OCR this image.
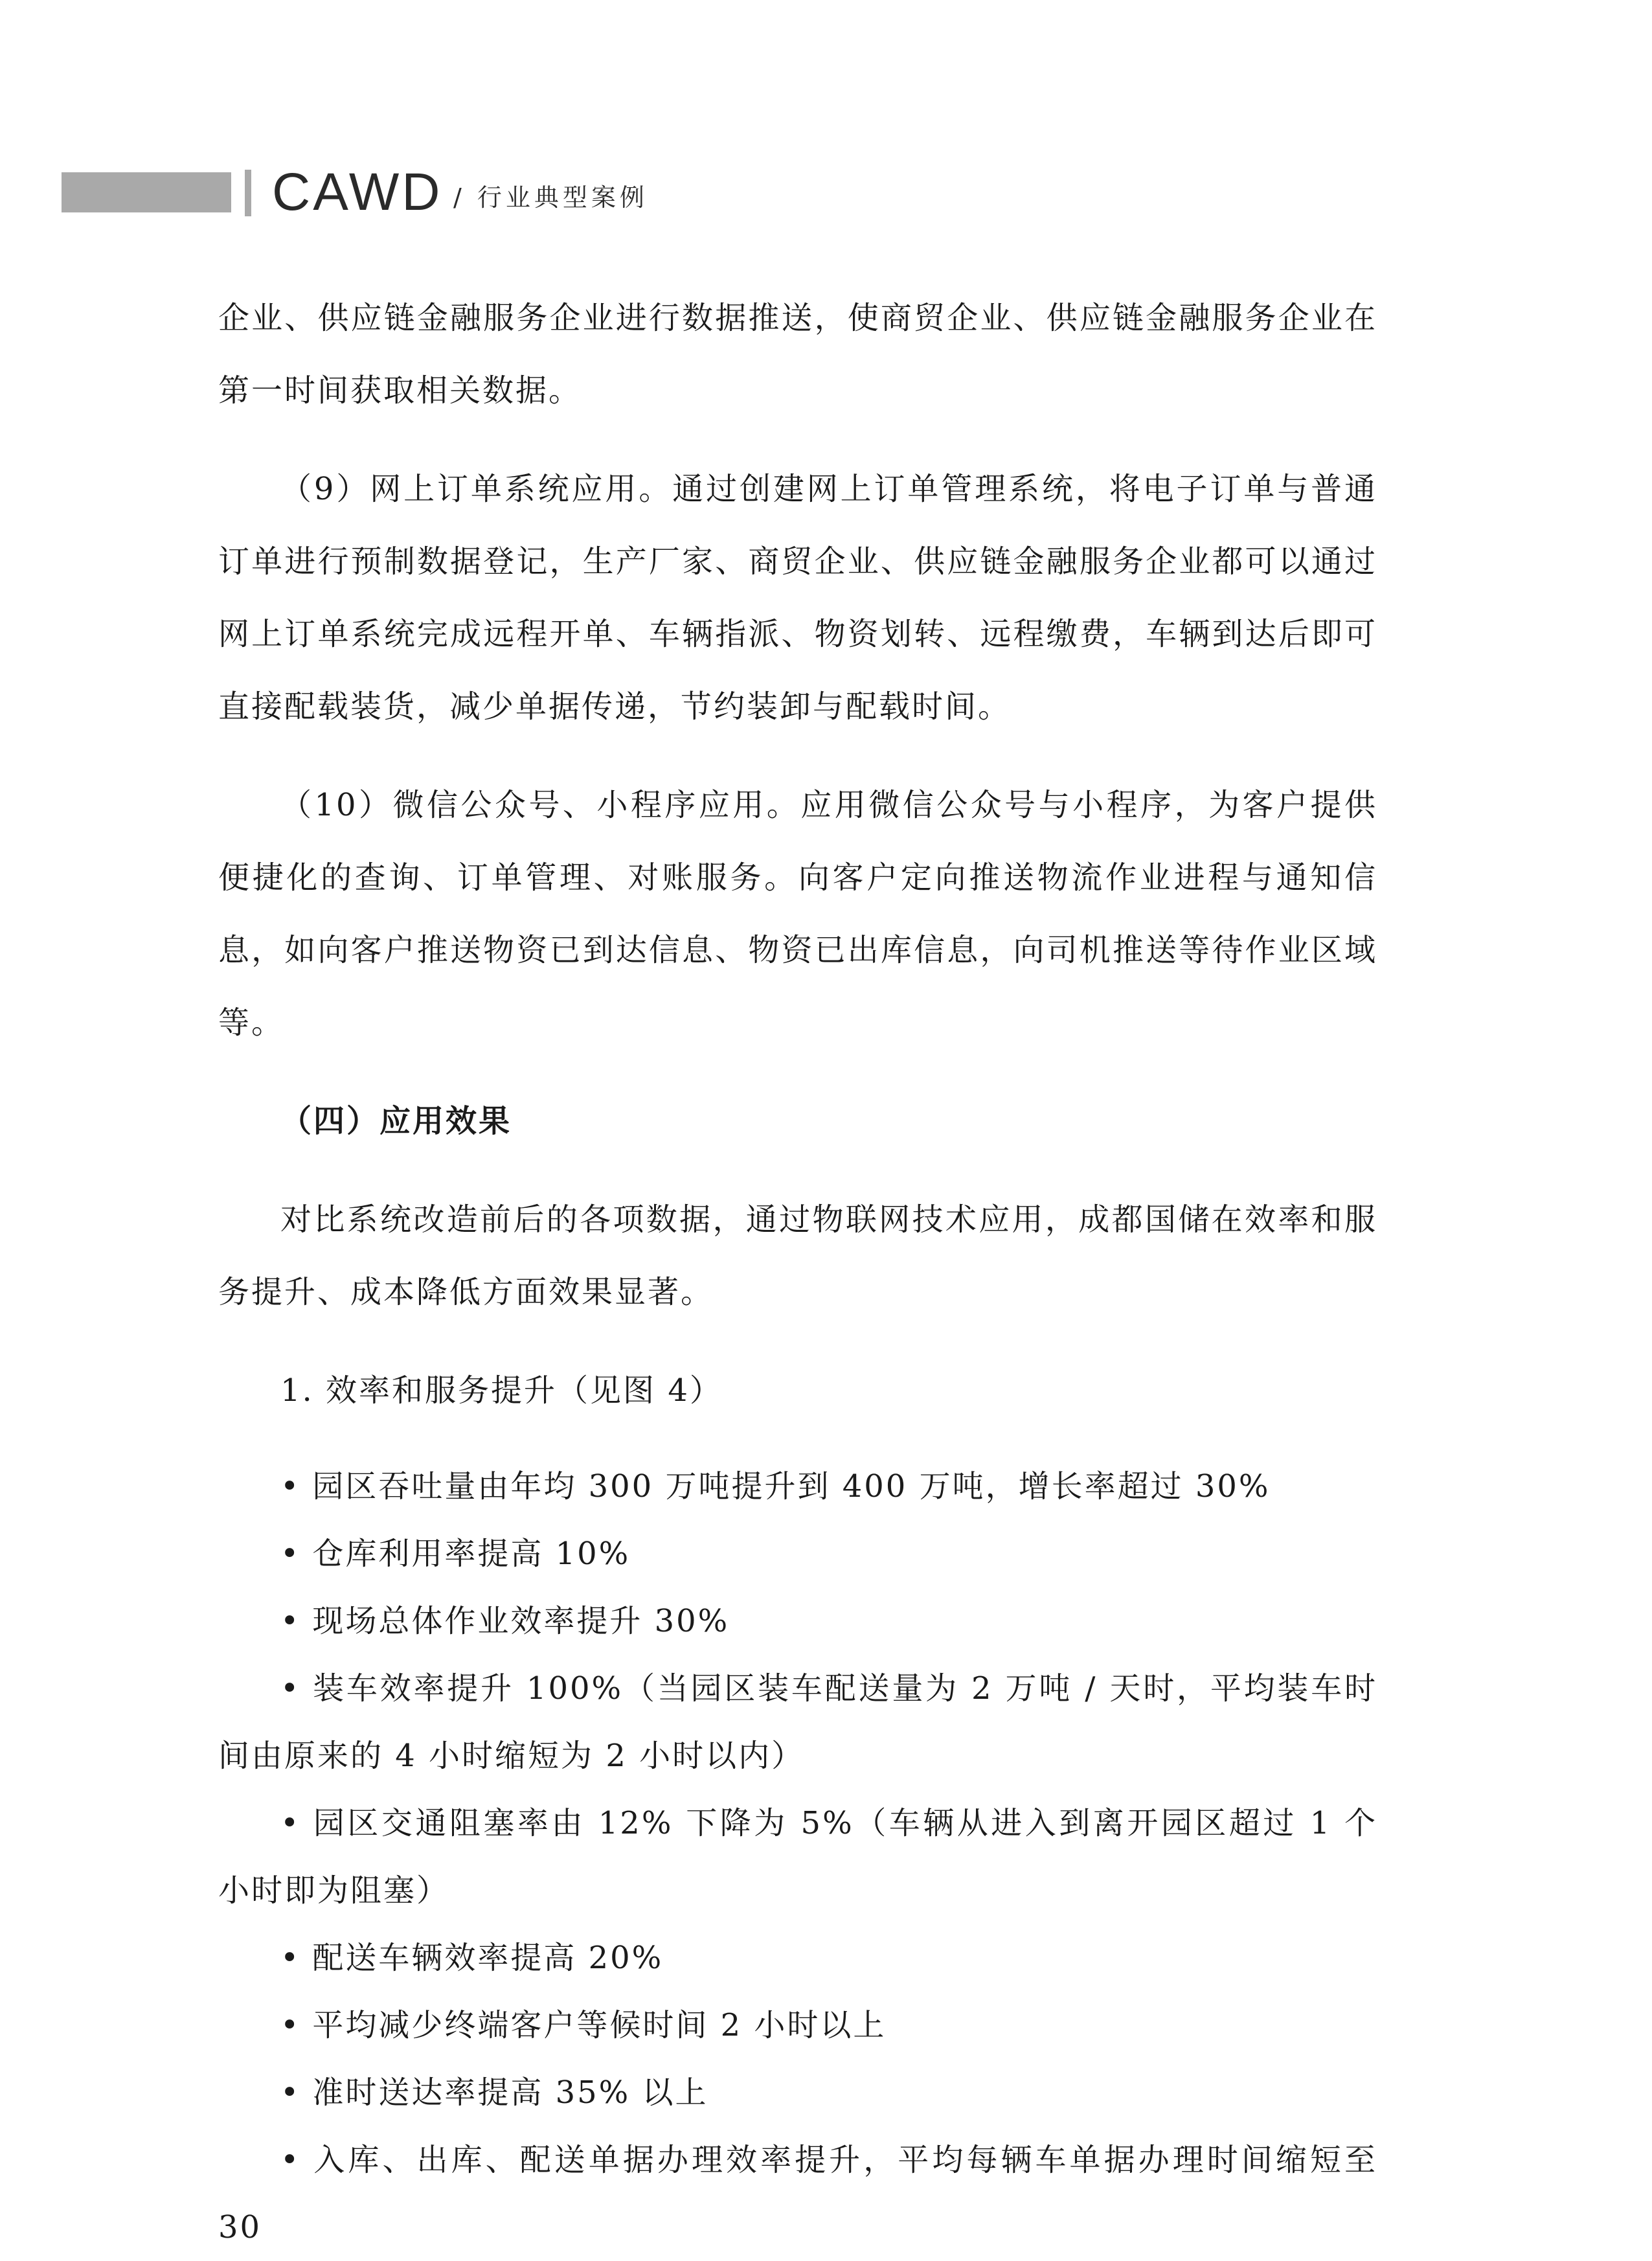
CAWD / 行业典型案例

企业、供应链金融服务企业进行数据推送，使商贸企业、供应链金融服务企业在第一时间获取相关数据。

（9）网上订单系统应用。通过创建网上订单管理系统，将电子订单与普通订单进行预制数据登记，生产厂家、商贸企业、供应链金融服务企业都可以通过网上订单系统完成远程开单、车辆指派、物资划转、远程缴费，车辆到达后即可直接配载装货，减少单据传递，节约装卸与配载时间。

（10）微信公众号、小程序应用。应用微信公众号与小程序，为客户提供便捷化的查询、订单管理、对账服务。向客户定向推送物流作业进程与通知信息，如向客户推送物资已到达信息、物资已出库信息，向司机推送等待作业区域等。

（四）应用效果

对比系统改造前后的各项数据，通过物联网技术应用，成都国储在效率和服务提升、成本降低方面效果显著。

1. 效率和服务提升（见图 4）

• 园区吞吐量由年均 300 万吨提升到 400 万吨，增长率超过 30%

• 仓库利用率提高 10%

• 现场总体作业效率提升 30%

• 装车效率提升 100%（当园区装车配送量为 2 万吨 / 天时，平均装车时间由原来的 4 小时缩短为 2 小时以内）

• 园区交通阻塞率由 12% 下降为 5%（车辆从进入到离开园区超过 1 个小时即为阻塞）

• 配送车辆效率提高 20%

• 平均减少终端客户等候时间 2 小时以上

• 准时送达率提高 35% 以上

• 入库、出库、配送单据办理效率提升，平均每辆车单据办理时间缩短至 30
